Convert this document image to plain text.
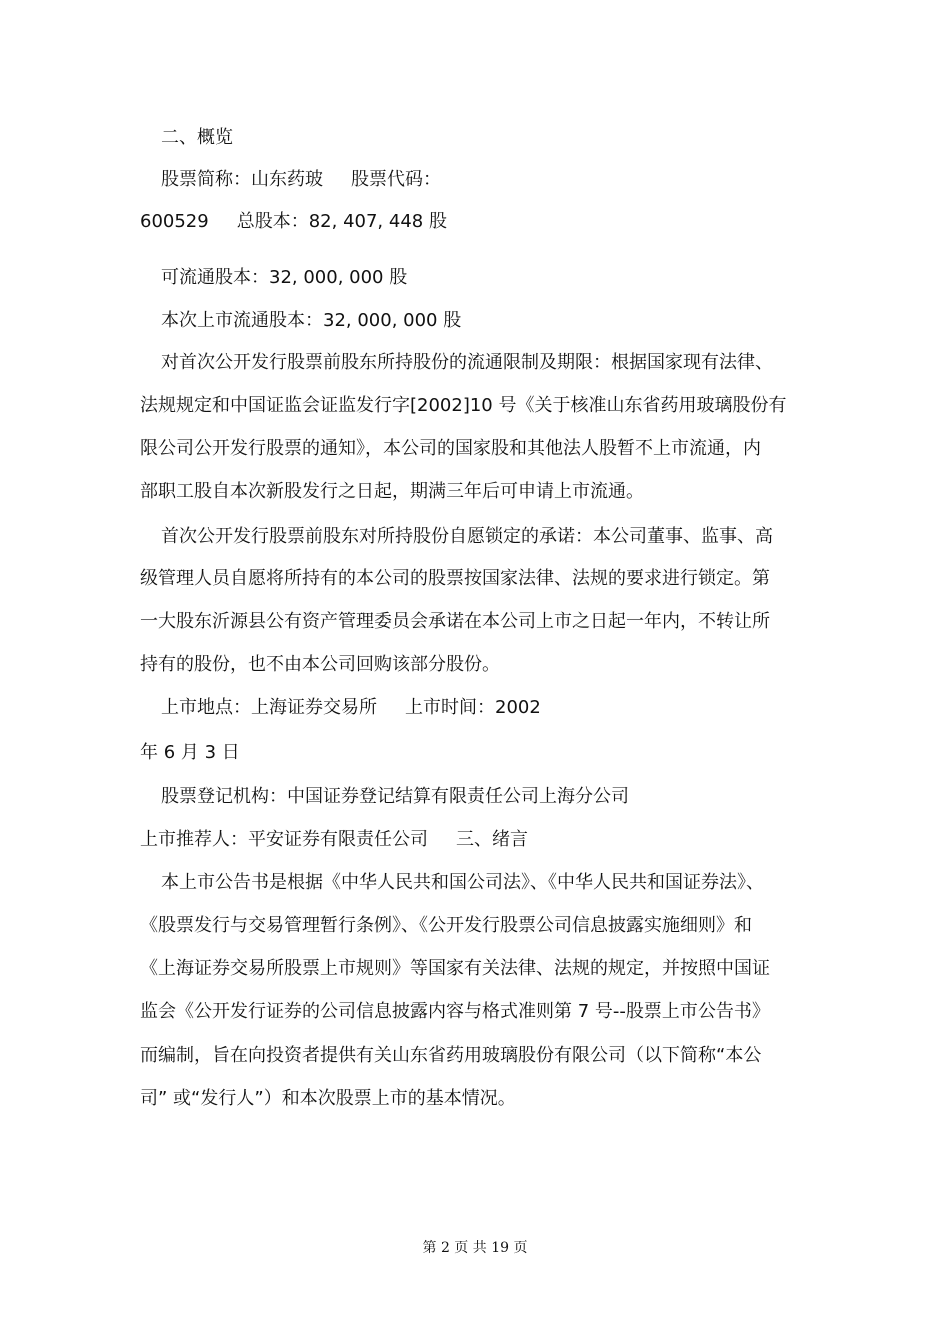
二、概览
股票简称：山东药玻 股票代码：
600529 总股本：82, 407, 448 股
可流通股本：32, 000, 000 股
本次上市流通股本：32, 000, 000 股
对首次公开发行股票前股东所持股份的流通限制及期限：根据国家现有法律、
法规规定和中国证监会证监发行字[2002]10 号《关于核准山东省药用玻璃股份有
限公司公开发行股票的通知》，本公司的国家股和其他法人股暂不上市流通，内
部职工股自本次新股发行之日起，期满三年后可申请上市流通。
首次公开发行股票前股东对所持股份自愿锁定的承诺：本公司董事、监事、高
级管理人员自愿将所持有的本公司的股票按国家法律、法规的要求进行锁定。第
一大股东沂源县公有资产管理委员会承诺在本公司上市之日起一年内，不转让所
持有的股份，也不由本公司回购该部分股份。
上市地点：上海证券交易所 上市时间：2002
年 6 月 3 日
股票登记机构：中国证券登记结算有限责任公司上海分公司
上市推荐人：平安证券有限责任公司 三、绪言
本上市公告书是根据《中华人民共和国公司法》、《中华人民共和国证券法》、
《股票发行与交易管理暂行条例》、《公开发行股票公司信息披露实施细则》和
《上海证券交易所股票上市规则》等国家有关法律、法规的规定，并按照中国证
监会《公开发行证券的公司信息披露内容与格式准则第 7 号--股票上市公告书》
而编制，旨在向投资者提供有关山东省药用玻璃股份有限公司（以下简称“本公
司” 或“发行人”）和本次股票上市的基本情况。
第 2 页 共 19 页
